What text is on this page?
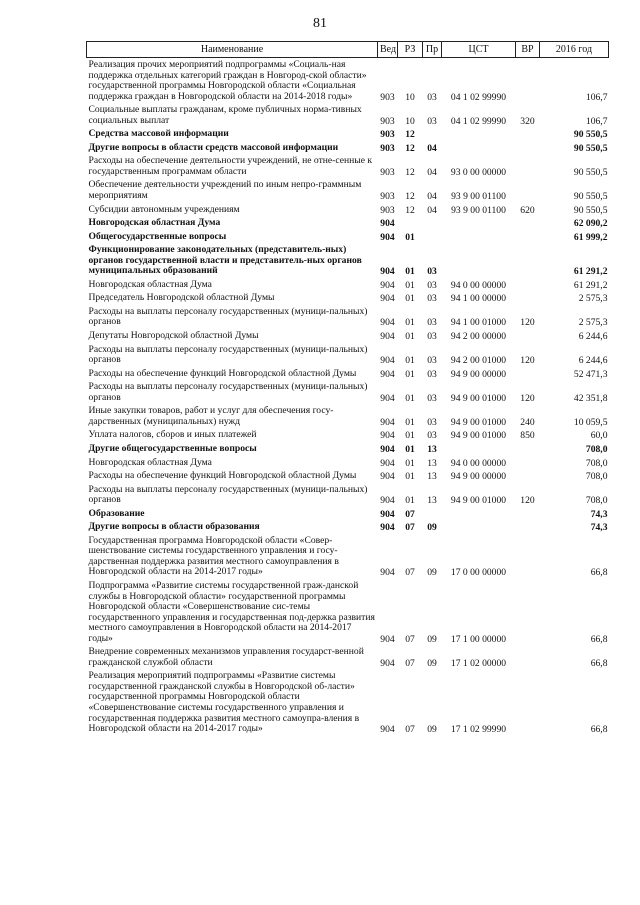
81
Наименование	Вед	РЗ	Пр	ЦСТ	ВР	2016 год
Реализация прочих мероприятий подпрограммы «Социаль-ная поддержка отдельных категорий граждан в Новгород-ской области» государственной программы Новгородской области «Социальная поддержка граждан в Новгородской области на 2014-2018 годы»	903	10	03	04 1 02 99990		106,7
Социальные выплаты гражданам, кроме публичных норма-тивных социальных выплат	903	10	03	04 1 02 99990	320	106,7
Средства массовой информации	903	12				90 550,5
Другие вопросы в области средств массовой информации	903	12	04			90 550,5
Расходы на обеспечение деятельности учреждений, не отне-сенные к государственным программам области	903	12	04	93 0 00 00000		90 550,5
Обеспечение деятельности учреждений по иным непро-граммным мероприятиям	903	12	04	93 9 00 01100		90 550,5
Субсидии автономным учреждениям	903	12	04	93 9 00 01100	620	90 550,5
Новгородская областная Дума	904					62 090,2
Общегосударственные вопросы	904	01				61 999,2
Функционирование законодательных (представитель-ных) органов государственной власти и представитель-ных органов муниципальных образований	904	01	03			61 291,2
Новгородская областная Дума	904	01	03	94 0 00 00000		61 291,2
Председатель Новгородской областной Думы	904	01	03	94 1 00 00000		2 575,3
Расходы на выплаты персоналу государственных (муници-пальных) органов	904	01	03	94 1 00 01000	120	2 575,3
Депутаты Новгородской областной Думы	904	01	03	94 2 00 00000		6 244,6
Расходы на выплаты персоналу государственных (муници-пальных) органов	904	01	03	94 2 00 01000	120	6 244,6
Расходы на обеспечение функций Новгородской областной Думы	904	01	03	94 9 00 00000		52 471,3
Расходы на выплаты персоналу государственных (муници-пальных) органов	904	01	03	94 9 00 01000	120	42 351,8
Иные закупки товаров, работ и услуг для обеспечения госу-дарственных (муниципальных) нужд	904	01	03	94 9 00 01000	240	10 059,5
Уплата налогов, сборов и иных платежей	904	01	03	94 9 00 01000	850	60,0
Другие общегосударственные вопросы	904	01	13			708,0
Новгородская областная Дума	904	01	13	94 0 00 00000		708,0
Расходы на обеспечение функций Новгородской областной Думы	904	01	13	94 9 00 00000		708,0
Расходы на выплаты персоналу государственных (муници-пальных) органов	904	01	13	94 9 00 01000	120	708,0
Образование	904	07				74,3
Другие вопросы в области образования	904	07	09			74,3
Государственная программа Новгородской области «Совер-шенствование системы государственного управления и госу-дарственная поддержка развития местного самоуправления в Новгородской области на 2014-2017 годы»	904	07	09	17 0 00 00000		66,8
Подпрограмма «Развитие системы государственной граж-данской службы в Новгородской области» государственной программы Новгородской области «Совершенствование сис-темы государственного управления и государственная под-держка развития местного самоуправления в Новгородской области на 2014-2017 годы»	904	07	09	17 1 00 00000		66,8
Внедрение современных механизмов управления государст-венной гражданской службой области	904	07	09	17 1 02 00000		66,8
Реализация мероприятий подпрограммы «Развитие системы государственной гражданской службы в Новгородской об-ласти» государственной программы Новгородской области «Совершенствование системы государственного управления и государственная поддержка развития местного самоупра-вления в Новгородской области на 2014-2017 годы»	904	07	09	17 1 02 99990		66,8
